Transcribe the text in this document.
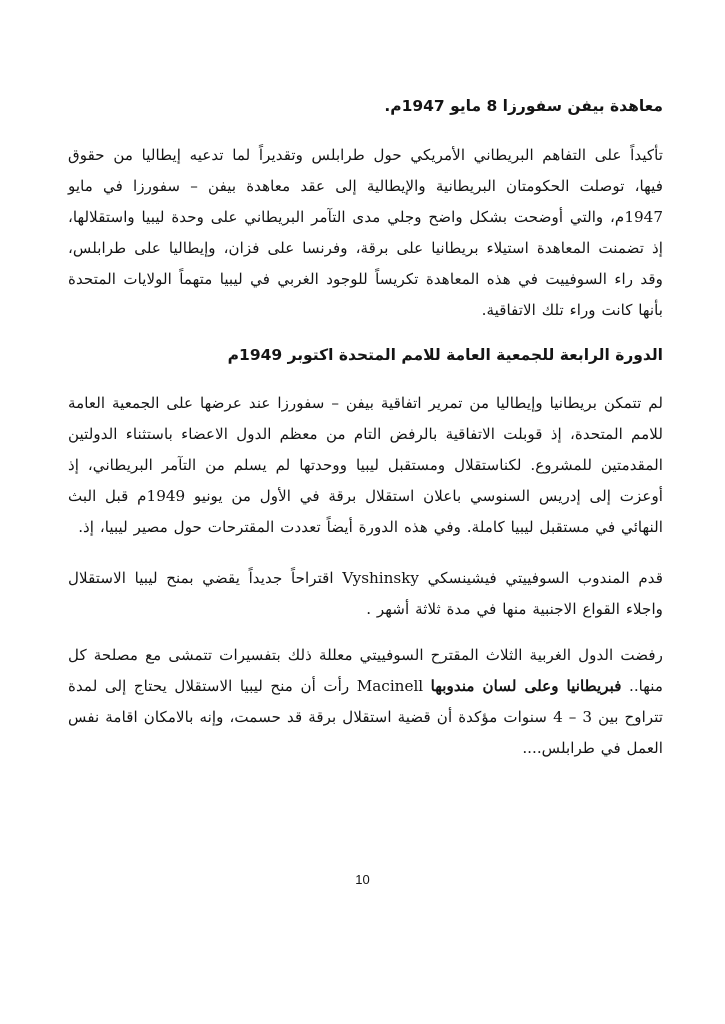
معاهدة بيفن سفورزا 8 مايو 1947م.

تأكيداً على التفاهم البريطاني الأمريكي حول طرابلس وتقديراً لما تدعيه إيطاليا من حقوق فيها، توصلت الحكومتان البريطانية والإيطالية إلى عقد معاهدة بيفن – سفورزا في مايو 1947م، والتي أوضحت بشكل واضح وجلي مدى التآمر البريطاني على وحدة ليبيا واستقلالها، إذ تضمنت المعاهدة استيلاء بريطانيا على برقة، وفرنسا على فزان، وإيطاليا على طرابلس، وقد راء السوفييت في هذه المعاهدة تكريساً للوجود الغربي في ليبيا متهماً الولايات المتحدة بأنها كانت وراء تلك الاتفاقية.

الدورة الرابعة للجمعية العامة للامم المتحدة اكتوبر 1949م

لم تتمكن بريطانيا وإيطاليا من تمرير اتفاقية بيفن – سفورزا عند عرضها على الجمعية العامة للامم المتحدة، إذ قوبلت الاتفاقية بالرفض التام من معظم الدول الاعضاء باستثناء الدولتين المقدمتين للمشروع. لكناستقلال ومستقبل ليبيا ووحدتها لم يسلم من التآمر البريطاني، إذ أوعزت إلى إدريس السنوسي باعلان استقلال برقة في الأول من يونيو 1949م قبل البث النهائي في مستقبل ليبيا كاملة. وفي هذه الدورة أيضاً تعددت المقترحات حول مصير ليبيا، إذ.

قدم المندوب السوفييتي فيشينسكي Vyshinsky اقتراحاً جديداً يقضي بمنح ليبيا الاستقلال واجلاء القواع الاجنبية منها في مدة ثلاثة أشهر .

رفضت الدول الغربية الثلاث المقترح السوفييتي معللة ذلك بتفسيرات تتمشى مع مصلحة كل منها.. فبريطانيا وعلى لسان مندوبها Macinell رأت أن منح ليبيا الاستقلال يحتاج إلى لمدة تتراوح بين 3 – 4 سنوات مؤكدة أن قضية استقلال برقة قد حسمت، وإنه بالامكان اقامة نفس العمل في طرابلس....

10
